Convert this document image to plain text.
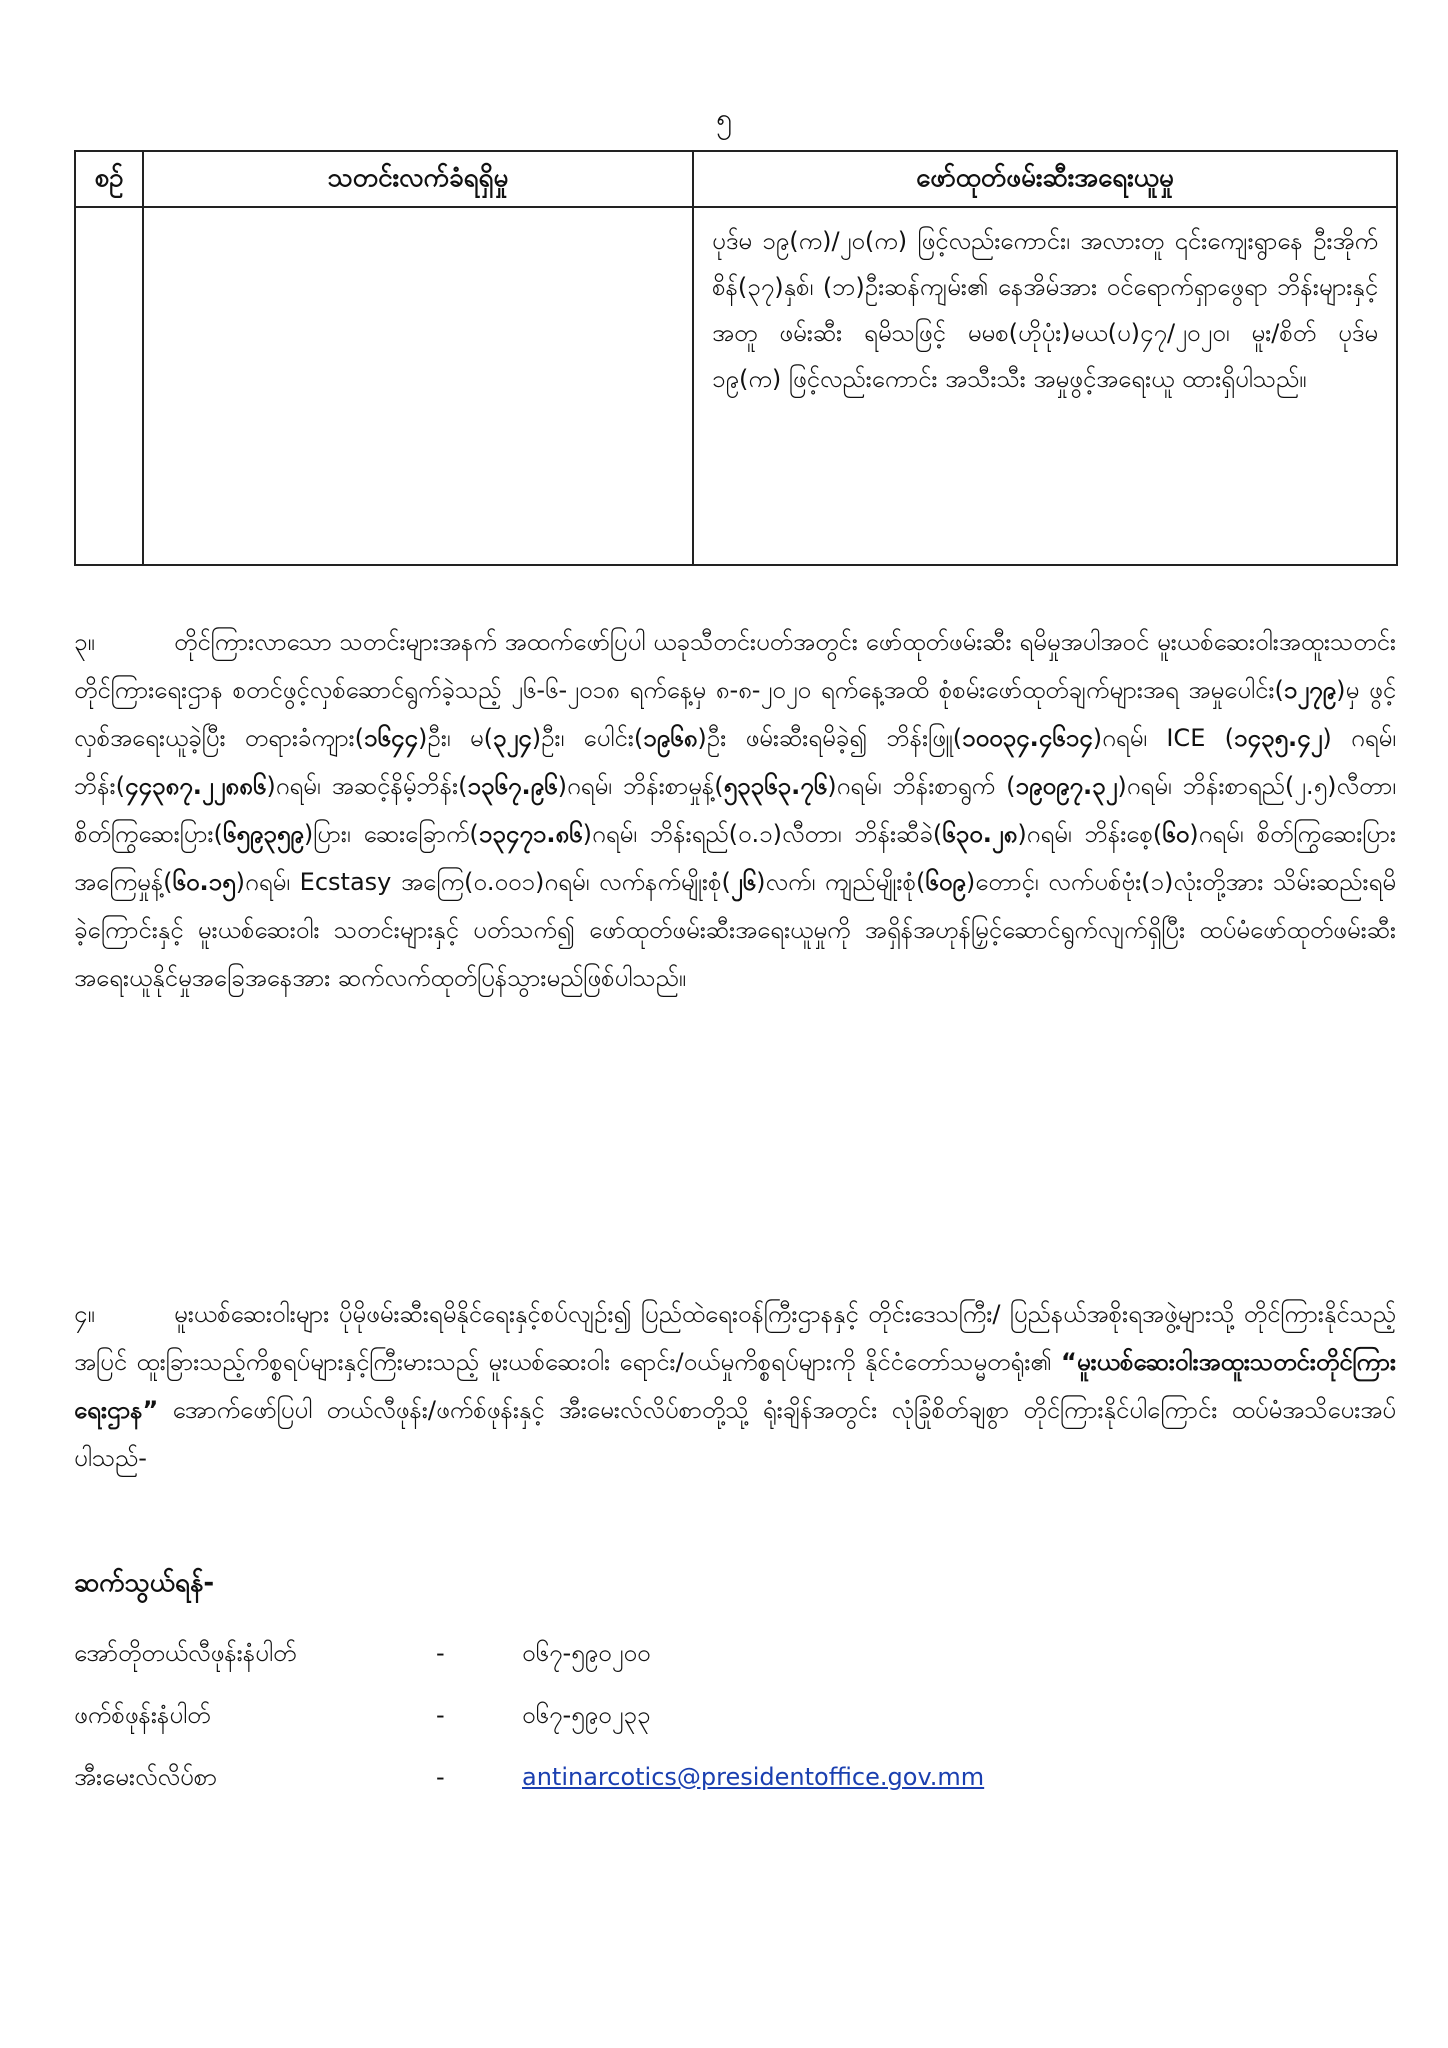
၅
စဉ်	သတင်းလက်ခံရရှိမှု	ဖော်ထုတ်ဖမ်းဆီးအရေးယူမှု
		ပုဒ်မ ၁၉(က)/၂၀(က) ဖြင့်လည်းကောင်း၊ အလားတူ ၎င်းကျေးရွာနေ ဦးအိုက်စိန်(၃၇)နှစ်၊ (ဘ)ဦးဆန်ကျမ်း၏ နေအိမ်အား ဝင်ရောက်ရှာဖွေရာ ဘိန်းများနှင့်အတူ ဖမ်းဆီး ရမိသဖြင့် မမစ(ဟိုပုံး)မယ(ပ)၄၇/၂၀၂၀၊ မူး/စိတ် ပုဒ်မ ၁၉(က) ဖြင့်လည်းကောင်း အသီးသီး အမှုဖွင့်အရေးယူ ထားရှိပါသည်။
၃။	တိုင်ကြားလာသော သတင်းများအနက် အထက်ဖော်ပြပါ ယခုသီတင်းပတ်အတွင်း ဖော်ထုတ်ဖမ်းဆီး ရမိမှုအပါအဝင် မူးယစ်ဆေးဝါးအထူးသတင်းတိုင်ကြားရေးဌာန စတင်ဖွင့်လှစ်ဆောင်ရွက်ခဲ့သည့် ၂၆-၆-၂၀၁၈ ရက်နေ့မှ ၈-၈-၂၀၂၀ ရက်နေ့အထိ စုံစမ်းဖော်ထုတ်ချက်များအရ အမှုပေါင်း(၁၂၇၉)မှ ဖွင့်လှစ်အရေးယူခဲ့ပြီး တရားခံကျား(၁၆၄၄)ဦး၊ မ(၃၂၄)ဦး၊ ပေါင်း(၁၉၆၈)ဦး ဖမ်းဆီးရမိခဲ့၍ ဘိန်းဖြူ(၁၀၀၃၄.၄၆၁၄)ဂရမ်၊ ICE (၁၄၃၅.၄၂) ဂရမ်၊ ဘိန်း(၄၄၃၈၇.၂၂၈၈၆)ဂရမ်၊ အဆင့်နိမ့်ဘိန်း(၁၃၆၇.၉၆)ဂရမ်၊ ဘိန်းစာမှုန့်(၅၃၃၆၃.၇၆)ဂရမ်၊ ဘိန်းစာရွက် (၁၉၀၉၇.၃၂)ဂရမ်၊ ဘိန်းစာရည်(၂.၅)လီတာ၊ စိတ်ကြွဆေးပြား(၆၅၉၃၅၉)ပြား၊ ဆေးခြောက်(၁၃၄၇၁.၈၆)ဂရမ်၊ ဘိန်းရည်(၀.၁)လီတာ၊ ဘိန်းဆီခဲ(၆၃၀.၂၈)ဂရမ်၊ ဘိန်းစေ့(၆၀)ဂရမ်၊ စိတ်ကြွဆေးပြားအကြေမှုန့်(၆၀.၁၅)ဂရမ်၊ Ecstasy အကြေ(၀.၀၀၁)ဂရမ်၊ လက်နက်မျိုးစုံ(၂၆)လက်၊ ကျည်မျိုးစုံ(၆၀၉)တောင့်၊ လက်ပစ်ဗုံး(၁)လုံးတို့အား သိမ်းဆည်းရမိခဲ့ကြောင်းနှင့် မူးယစ်ဆေးဝါး သတင်းများနှင့် ပတ်သက်၍ ဖော်ထုတ်ဖမ်းဆီးအရေးယူမှုကို အရှိန်အဟုန်မြှင့်ဆောင်ရွက်လျက်ရှိပြီး ထပ်မံဖော်ထုတ်ဖမ်းဆီး အရေးယူနိုင်မှုအခြေအနေအား ဆက်လက်ထုတ်ပြန်သွားမည်ဖြစ်ပါသည်။
၄။	မူးယစ်ဆေးဝါးများ ပိုမိုဖမ်းဆီးရမိနိုင်ရေးနှင့်စပ်လျဉ်း၍ ပြည်ထဲရေးဝန်ကြီးဌာနနှင့် တိုင်းဒေသကြီး/ ပြည်နယ်အစိုးရအဖွဲ့များသို့ တိုင်ကြားနိုင်သည့်အပြင် ထူးခြားသည့်ကိစ္စရပ်များနှင့်ကြီးမားသည့် မူးယစ်ဆေးဝါး ရောင်း/ဝယ်မှုကိစ္စရပ်များကို နိုင်ငံတော်သမ္မတရုံး၏ “မူးယစ်ဆေးဝါးအထူးသတင်းတိုင်ကြားရေးဌာန” အောက်ဖော်ပြပါ တယ်လီဖုန်း/ဖက်စ်ဖုန်းနှင့် အီးမေးလ်လိပ်စာတို့သို့ ရုံးချိန်အတွင်း လုံခြုံစိတ်ချစွာ တိုင်ကြားနိုင်ပါကြောင်း ထပ်မံအသိပေးအပ်ပါသည်-
ဆက်သွယ်ရန်-
အော်တိုတယ်လီဖုန်းနံပါတ်	-	၀၆၇-၅၉၀၂၀၀
ဖက်စ်ဖုန်းနံပါတ်	-	၀၆၇-၅၉၀၂၃၃
အီးမေးလ်လိပ်စာ	-	antinarcotics@presidentoffice.gov.mm
